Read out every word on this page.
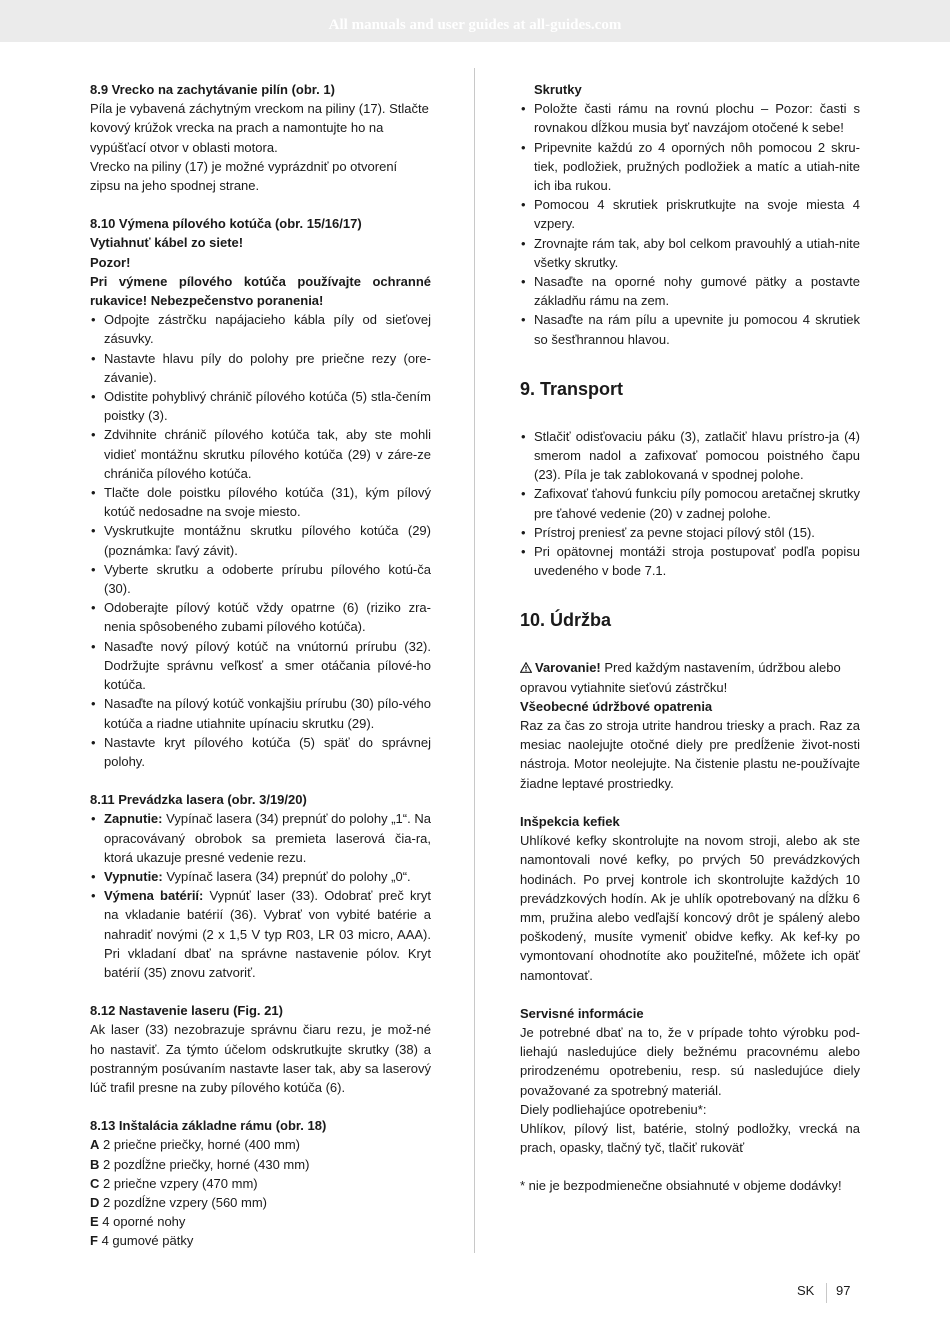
All manuals and user guides at all-guides.com

8.9 Vrecko na zachytávanie pilín (obr. 1)

Píla je vybavená záchytným vreckom na piliny (17). Stlačte kovový krúžok vrecka na prach a namontujte ho na vypúšťací otvor v oblasti motora.

Vrecko na piliny (17) je možné vyprázdniť po otvorení zipsu na jeho spodnej strane.

8.10 Výmena pílového kotúča (obr. 15/16/17)

Vytiahnuť kábel zo siete!

Pozor!

Pri výmene pílového kotúča používajte ochranné rukavice! Nebezpečenstvo poranenia!

• Odpojte zástrčku napájacieho kábla píly od sieťovej zásuvky.
• Nastavte hlavu píly do polohy pre priečne rezy (ore-závanie).
• Odistite pohyblivý chránič pílového kotúča (5) stla-čením poistky (3).
• Zdvihnite chránič pílového kotúča tak, aby ste mohli vidieť montážnu skrutku pílového kotúča (29) v záre-ze chrániča pílového kotúča.
• Tlačte dole poistku pílového kotúča (31), kým pílový kotúč nedosadne na svoje miesto.
• Vyskrutkujte montážnu skrutku pílového kotúča (29) (poznámka: ľavý závit).
• Vyberte skrutku a odoberte prírubu pílového kotú-ča (30).
• Odoberajte pílový kotúč vždy opatrne (6) (riziko zra-nenia spôsobeného zubami pílového kotúča).
• Nasaďte nový pílový kotúč na vnútornú prírubu (32). Dodržujte správnu veľkosť a smer otáčania pílové-ho kotúča.
• Nasaďte na pílový kotúč vonkajšiu prírubu (30) pílo-vého kotúča a riadne utiahnite upínaciu skrutku (29).
• Nastavte kryt pílového kotúča (5) späť do správnej polohy.

8.11 Prevádzka lasera (obr. 3/19/20)

• Zapnutie: Vypínač lasera (34) prepnúť do polohy „1“. Na opracovávaný obrobok sa premieta laserová čia-ra, ktorá ukazuje presné vedenie rezu.
• Vypnutie: Vypínač lasera (34) prepnúť do polohy „0“.
• Výmena batérií: Vypnúť laser (33). Odobrať preč kryt na vkladanie batérií (36). Vybrať von vybité batérie a nahradiť novými (2 x 1,5 V typ R03, LR 03 micro, AAA). Pri vkladaní dbať na správne nastavenie pólov. Kryt batérií (35) znovu zatvoriť.

8.12 Nastavenie laseru (Fig. 21)

Ak laser (33) nezobrazuje správnu čiaru rezu, je mož-né ho nastaviť. Za týmto účelom odskrutkujte skrutky (38) a postranným posúvaním nastavte laser tak, aby sa laserový lúč trafil presne na zuby pílového kotúča (6).

8.13 Inštalácia základne rámu (obr. 18)

A 2 priečne priečky, horné (400 mm)

B 2 pozdĺžne priečky, horné (430 mm)

C 2 priečne vzpery (470 mm)

D 2 pozdĺžne vzpery (560 mm)

E 4 oporné nohy

F 4 gumové pätky

Skrutky

• Položte časti rámu na rovnú plochu – Pozor: časti s rovnakou dĺžkou musia byť navzájom otočené k sebe!
• Pripevnite každú zo 4 oporných nôh pomocou 2 skru-tiek, podložiek, pružných podložiek a matíc a utiah-nite ich iba rukou.
• Pomocou 4 skrutiek priskrutkujte na svoje miesta 4 vzpery.
• Zrovnajte rám tak, aby bol celkom pravouhlý a utiah-nite všetky skrutky.
• Nasaďte na oporné nohy gumové pätky a postavte základňu rámu na zem.
• Nasaďte na rám pílu a upevnite ju pomocou 4 skrutiek so šesťhrannou hlavou.

9. Transport

• Stlačiť odisťovaciu páku (3), zatlačiť hlavu prístro-ja (4) smerom nadol a zafixovať pomocou poistného čapu (23). Píla je tak zablokovaná v spodnej polohe.
• Zafixovať ťahovú funkciu píly pomocou aretačnej skrutky pre ťahové vedenie (20) v zadnej polohe.
• Prístroj preniesť za pevne stojaci pílový stôl (15).
• Pri opätovnej montáži stroja postupovať podľa popisu uvedeného v bode 7.1.

10. Údržba

Varovanie! Pred každým nastavením, údržbou alebo opravou vytiahnite sieťovú zástrčku!

Všeobecné údržbové opatrenia

Raz za čas zo stroja utrite handrou triesky a prach. Raz za mesiac naolejujte otočné diely pre predĺženie život-nosti nástroja. Motor neolejujte. Na čistenie plastu ne-používajte žiadne leptavé prostriedky.

Inšpekcia kefiek

Uhlíkové kefky skontrolujte na novom stroji, alebo ak ste namontovali nové kefky, po prvých 50 prevádzkových hodinách. Po prvej kontrole ich skontrolujte každých 10 prevádzkových hodín. Ak je uhlík opotrebovaný na dĺžku 6 mm, pružina alebo vedľajší koncový drôt je spálený alebo poškodený, musíte vymeniť obidve kefky. Ak kef-ky po vymontovaní ohodnotíte ako použiteľné, môžete ich opäť namontovať.

Servisné informácie

Je potrebné dbať na to, že v prípade tohto výrobku pod-liehajú nasledujúce diely bežnému pracovnému alebo prirodzenému opotrebeniu, resp. sú nasledujúce diely považované za spotrebný materiál.

Diely podliehajúce opotrebeniu*:

Uhlíkov, pílový list, batérie, stolný podložky, vrecká na prach, opasky, tlačný tyč, tlačiť rukoväť

* nie je bezpodmienečne obsiahnuté v objeme dodávky!

SK 97
